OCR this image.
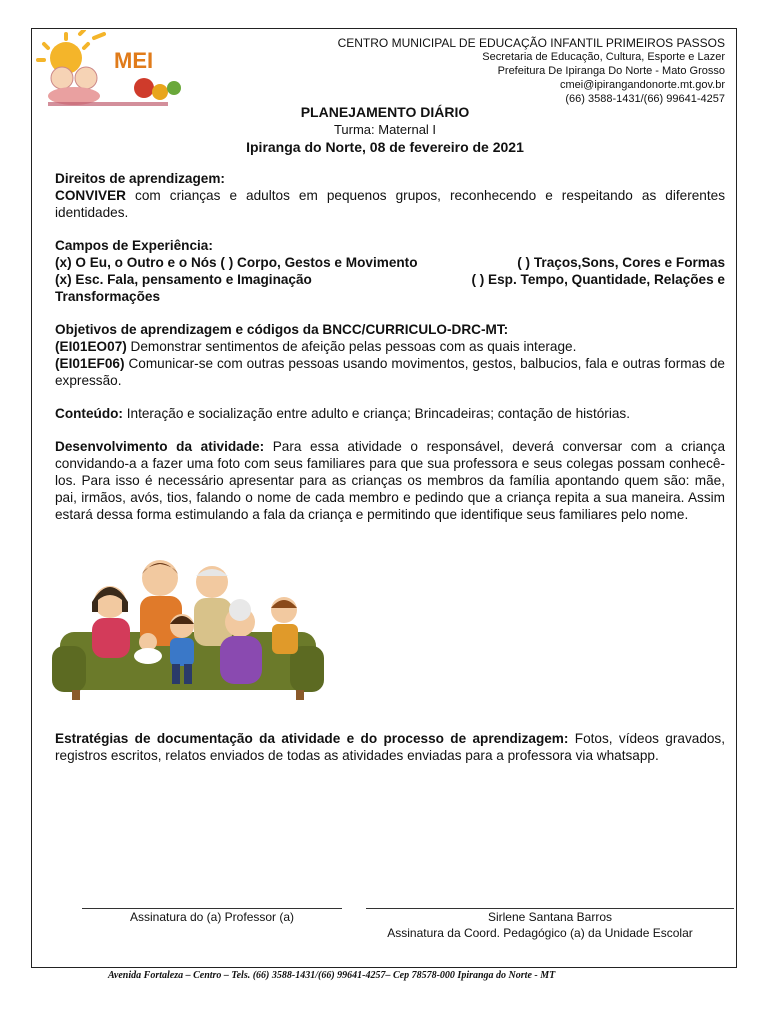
MEI
CENTRO MUNICIPAL DE EDUCAÇÃO INFANTIL PRIMEIROS PASSOS
Secretaria de Educação, Cultura, Esporte e Lazer
Prefeitura De Ipiranga Do Norte - Mato Grosso
cmei@ipirangandonorte.mt.gov.br
(66) 3588-1431/(66) 99641-4257
PLANEJAMENTO DIÁRIO
Turma: Maternal I
Ipiranga do Norte, 08 de fevereiro de 2021

Direitos de aprendizagem:

CONVIVER com crianças e adultos em pequenos grupos, reconhecendo e respeitando as diferentes identidades.

Campos de Experiência:

(x) O Eu, o Outro e o Nós ( ) Corpo, Gestos e Movimento	( ) Traços,Sons, Cores e Formas
(x) Esc. Fala, pensamento e Imaginação	( ) Esp. Tempo, Quantidade, Relações e

Transformações

Objetivos de aprendizagem e códigos da BNCC/CURRICULO-DRC-MT:

(EI01EO07) Demonstrar sentimentos de afeição pelas pessoas com as quais interage.

(EI01EF06) Comunicar-se com outras pessoas usando movimentos, gestos, balbucios, fala e outras formas de expressão.

Conteúdo: Interação e socialização entre adulto e criança; Brincadeiras; contação de histórias.

Desenvolvimento da atividade: Para essa atividade o responsável, deverá conversar com a criança convidando-a a fazer uma foto com seus familiares para que sua professora e seus colegas possam conhecê-los. Para isso é necessário apresentar para as crianças os membros da família apontando quem são: mãe, pai, irmãos, avós, tios, falando o nome de cada membro e pedindo que a criança repita a sua maneira. Assim estará dessa forma estimulando a fala da criança e permitindo que identifique seus familiares pelo nome.

Estratégias de documentação da atividade e do processo de aprendizagem: Fotos, vídeos gravados, registros escritos, relatos enviados de todas as atividades enviadas para a professora via whatsapp.

Assinatura do (a) Professor (a)	Sirlene Santana Barros
Assinatura da Coord. Pedagógico (a) da Unidade Escolar
Avenida Fortaleza – Centro – Tels. (66) 3588-1431/(66) 99641-4257– Cep 78578-000 Ipiranga do Norte - MT
